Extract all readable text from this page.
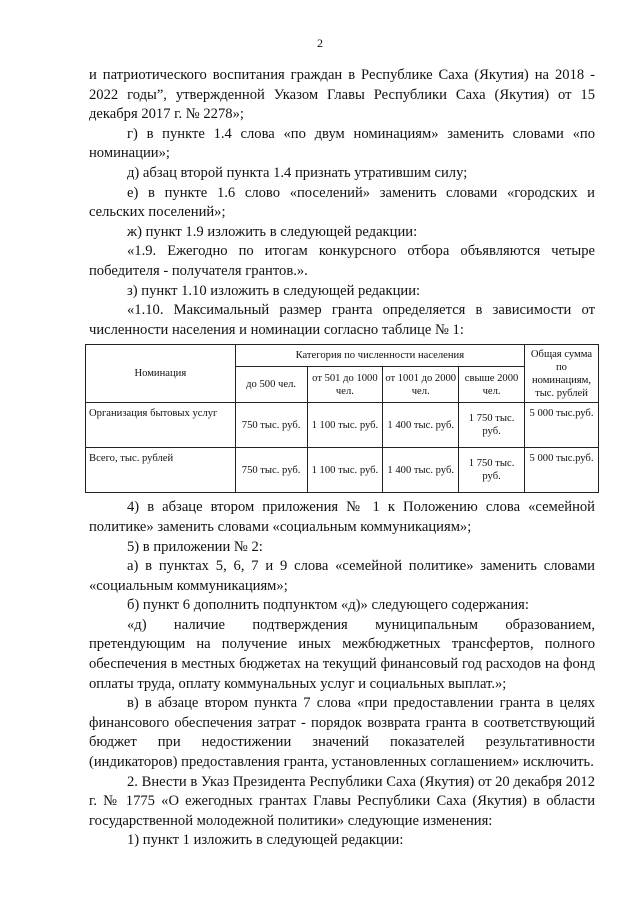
2

и патриотического воспитания граждан в Республике Саха (Якутия) на 2018 - 2022 годы”, утвержденной Указом Главы Республики Саха (Якутия) от 15 декабря 2017 г. № 2278»;

г) в пункте 1.4 слова «по двум номинациям» заменить словами «по номинации»;

д) абзац второй пункта 1.4 признать утратившим силу;

е) в пункте 1.6 слово «поселений» заменить словами «городских и сельских поселений»;

ж) пункт 1.9 изложить в следующей редакции:

«1.9. Ежегодно по итогам конкурсного отбора объявляются четыре победителя - получателя грантов.».

з) пункт 1.10 изложить в следующей редакции:

«1.10. Максимальный размер гранта определяется в зависимости от численности населения и номинации согласно таблице № 1:

Номинация	Категория по численности населения				Общая сумма по номинациям, тыс. рублей
	до 500 чел.	от 501 до 1000 чел.	от 1001 до 2000 чел.	свыше 2000 чел.	
Организация бытовых услуг	750 тыс. руб.	1 100 тыс. руб.	1 400 тыс. руб.	1 750 тыс. руб.	5 000 тыс.руб.
Всего, тыс. рублей	750 тыс. руб.	1 100 тыс. руб.	1 400 тыс. руб.	1 750 тыс. руб.	5 000 тыс.руб.

4) в абзаце втором приложения № 1 к Положению слова «семейной политике» заменить словами «социальным коммуникациям»;

5) в приложении № 2:

а) в пунктах 5, 6, 7 и 9 слова «семейной политике» заменить словами «социальным коммуникациям»;

б) пункт 6 дополнить подпунктом «д)» следующего содержания:

«д) наличие подтверждения муниципальным образованием, претендующим на получение иных межбюджетных трансфертов, полного обеспечения в местных бюджетах на текущий финансовый год расходов на фонд оплаты труда, оплату коммунальных услуг и социальных выплат.»;

в) в абзаце втором пункта 7 слова «при предоставлении гранта в целях финансового обеспечения затрат - порядок возврата гранта в соответствующий бюджет при недостижении значений показателей результативности (индикаторов) предоставления гранта, установленных соглашением» исключить.

2. Внести в Указ Президента Республики Саха (Якутия) от 20 декабря 2012 г. № 1775 «О ежегодных грантах Главы Республики Саха (Якутия) в области государственной молодежной политики» следующие изменения:

1) пункт 1 изложить в следующей редакции:
